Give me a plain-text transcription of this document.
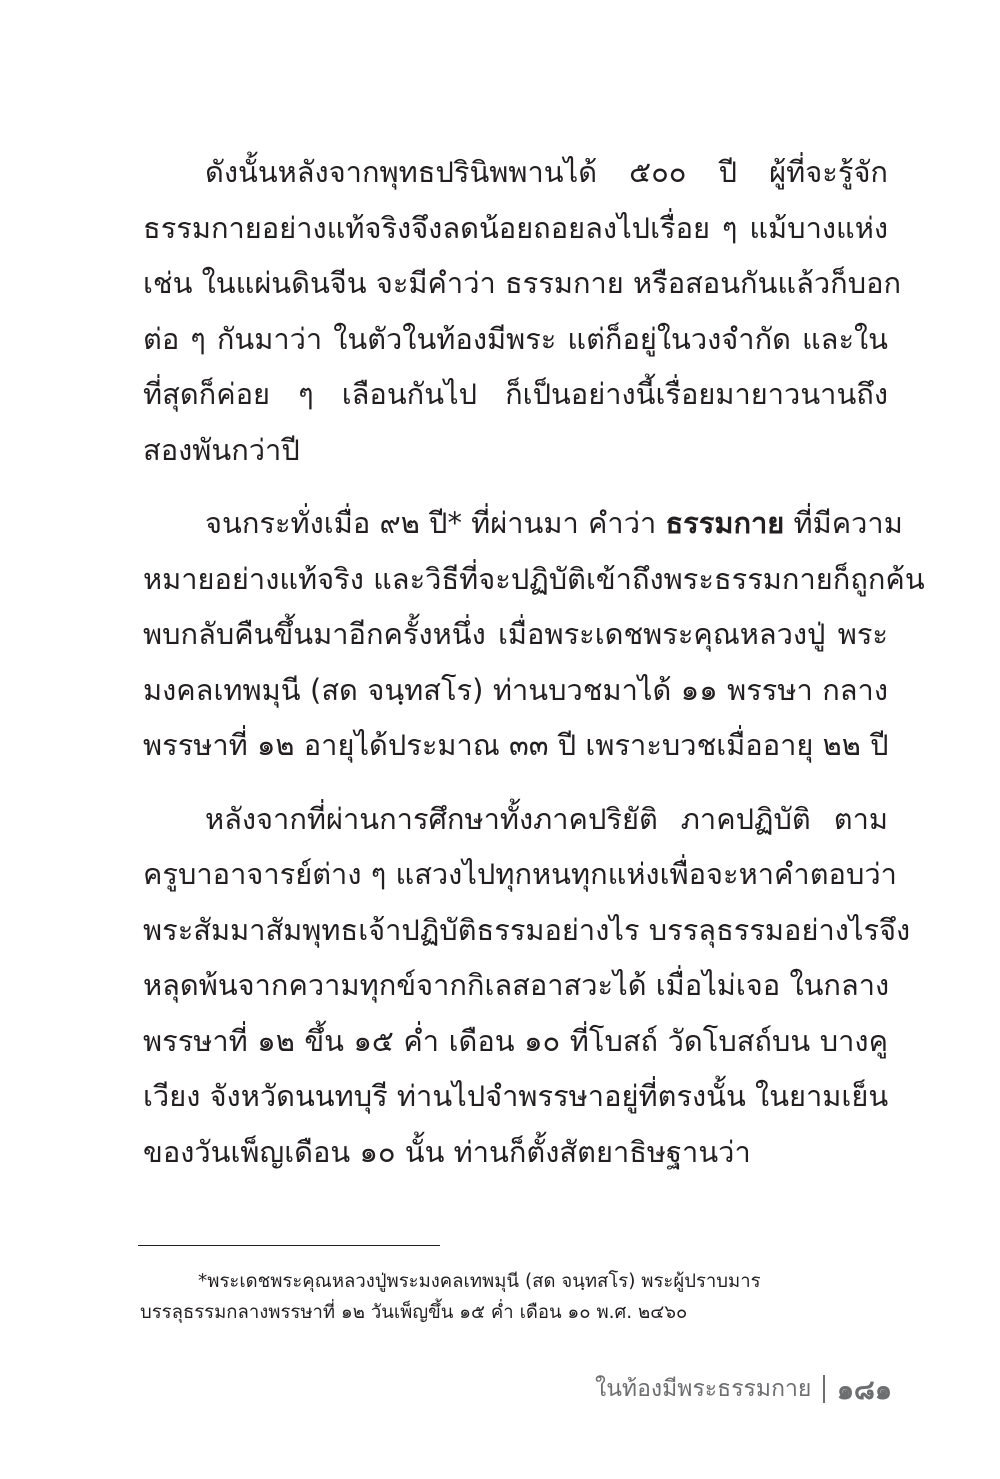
ดังนั้นหลังจากพุทธปรินิพพานได้ ๕๐๐ ปี ผู้ที่จะรู้จัก
ธรรมกายอย่างแท้จริงจึงลดน้อยถอยลงไปเรื่อย ๆ แม้บางแห่ง
เช่น ในแผ่นดินจีน จะมีคำว่า ธรรมกาย หรือสอนกันแล้วก็บอก
ต่อ ๆ กันมาว่า ในตัวในท้องมีพระ แต่ก็อยู่ในวงจำกัด และใน
ที่สุดก็ค่อย ๆ เลือนกันไป ก็เป็นอย่างนี้เรื่อยมายาวนานถึง
สองพันกว่าปี
จนกระทั่งเมื่อ ๙๒ ปี* ที่ผ่านมา คำว่า ธรรมกาย ที่มีความ
หมายอย่างแท้จริง และวิธีที่จะปฏิบัติเข้าถึงพระธรรมกายก็ถูกค้น
พบกลับคืนขึ้นมาอีกครั้งหนึ่ง เมื่อพระเดชพระคุณหลวงปู่ พระ
มงคลเทพมุนี (สด จนฺทสโร) ท่านบวชมาได้ ๑๑ พรรษา กลาง
พรรษาที่ ๑๒ อายุได้ประมาณ ๓๓ ปี เพราะบวชเมื่ออายุ ๒๒ ปี
หลังจากที่ผ่านการศึกษาทั้งภาคปริยัติ ภาคปฏิบัติ ตาม
ครูบาอาจารย์ต่าง ๆ แสวงไปทุกหนทุกแห่งเพื่อจะหาคำตอบว่า
พระสัมมาสัมพุทธเจ้าปฏิบัติธรรมอย่างไร บรรลุธรรมอย่างไรจึง
หลุดพ้นจากความทุกข์จากกิเลสอาสวะได้ เมื่อไม่เจอ ในกลาง
พรรษาที่ ๑๒ ขึ้น ๑๕ ค่ำ เดือน ๑๐ ที่โบสถ์ วัดโบสถ์บน บางคู
เวียง จังหวัดนนทบุรี ท่านไปจำพรรษาอยู่ที่ตรงนั้น ในยามเย็น
ของวันเพ็ญเดือน ๑๐ นั้น ท่านก็ตั้งสัตยาธิษฐานว่า
*พระเดชพระคุณหลวงปู่พระมงคลเทพมุนี (สด จนฺทสโร) พระผู้ปราบมาร
บรรลุธรรมกลางพรรษาที่ ๑๒ วันเพ็ญขึ้น ๑๕ ค่ำ เดือน ๑๐ พ.ศ. ๒๔๖๐
ในท้องมีพระธรรมกาย ๑๘๑
